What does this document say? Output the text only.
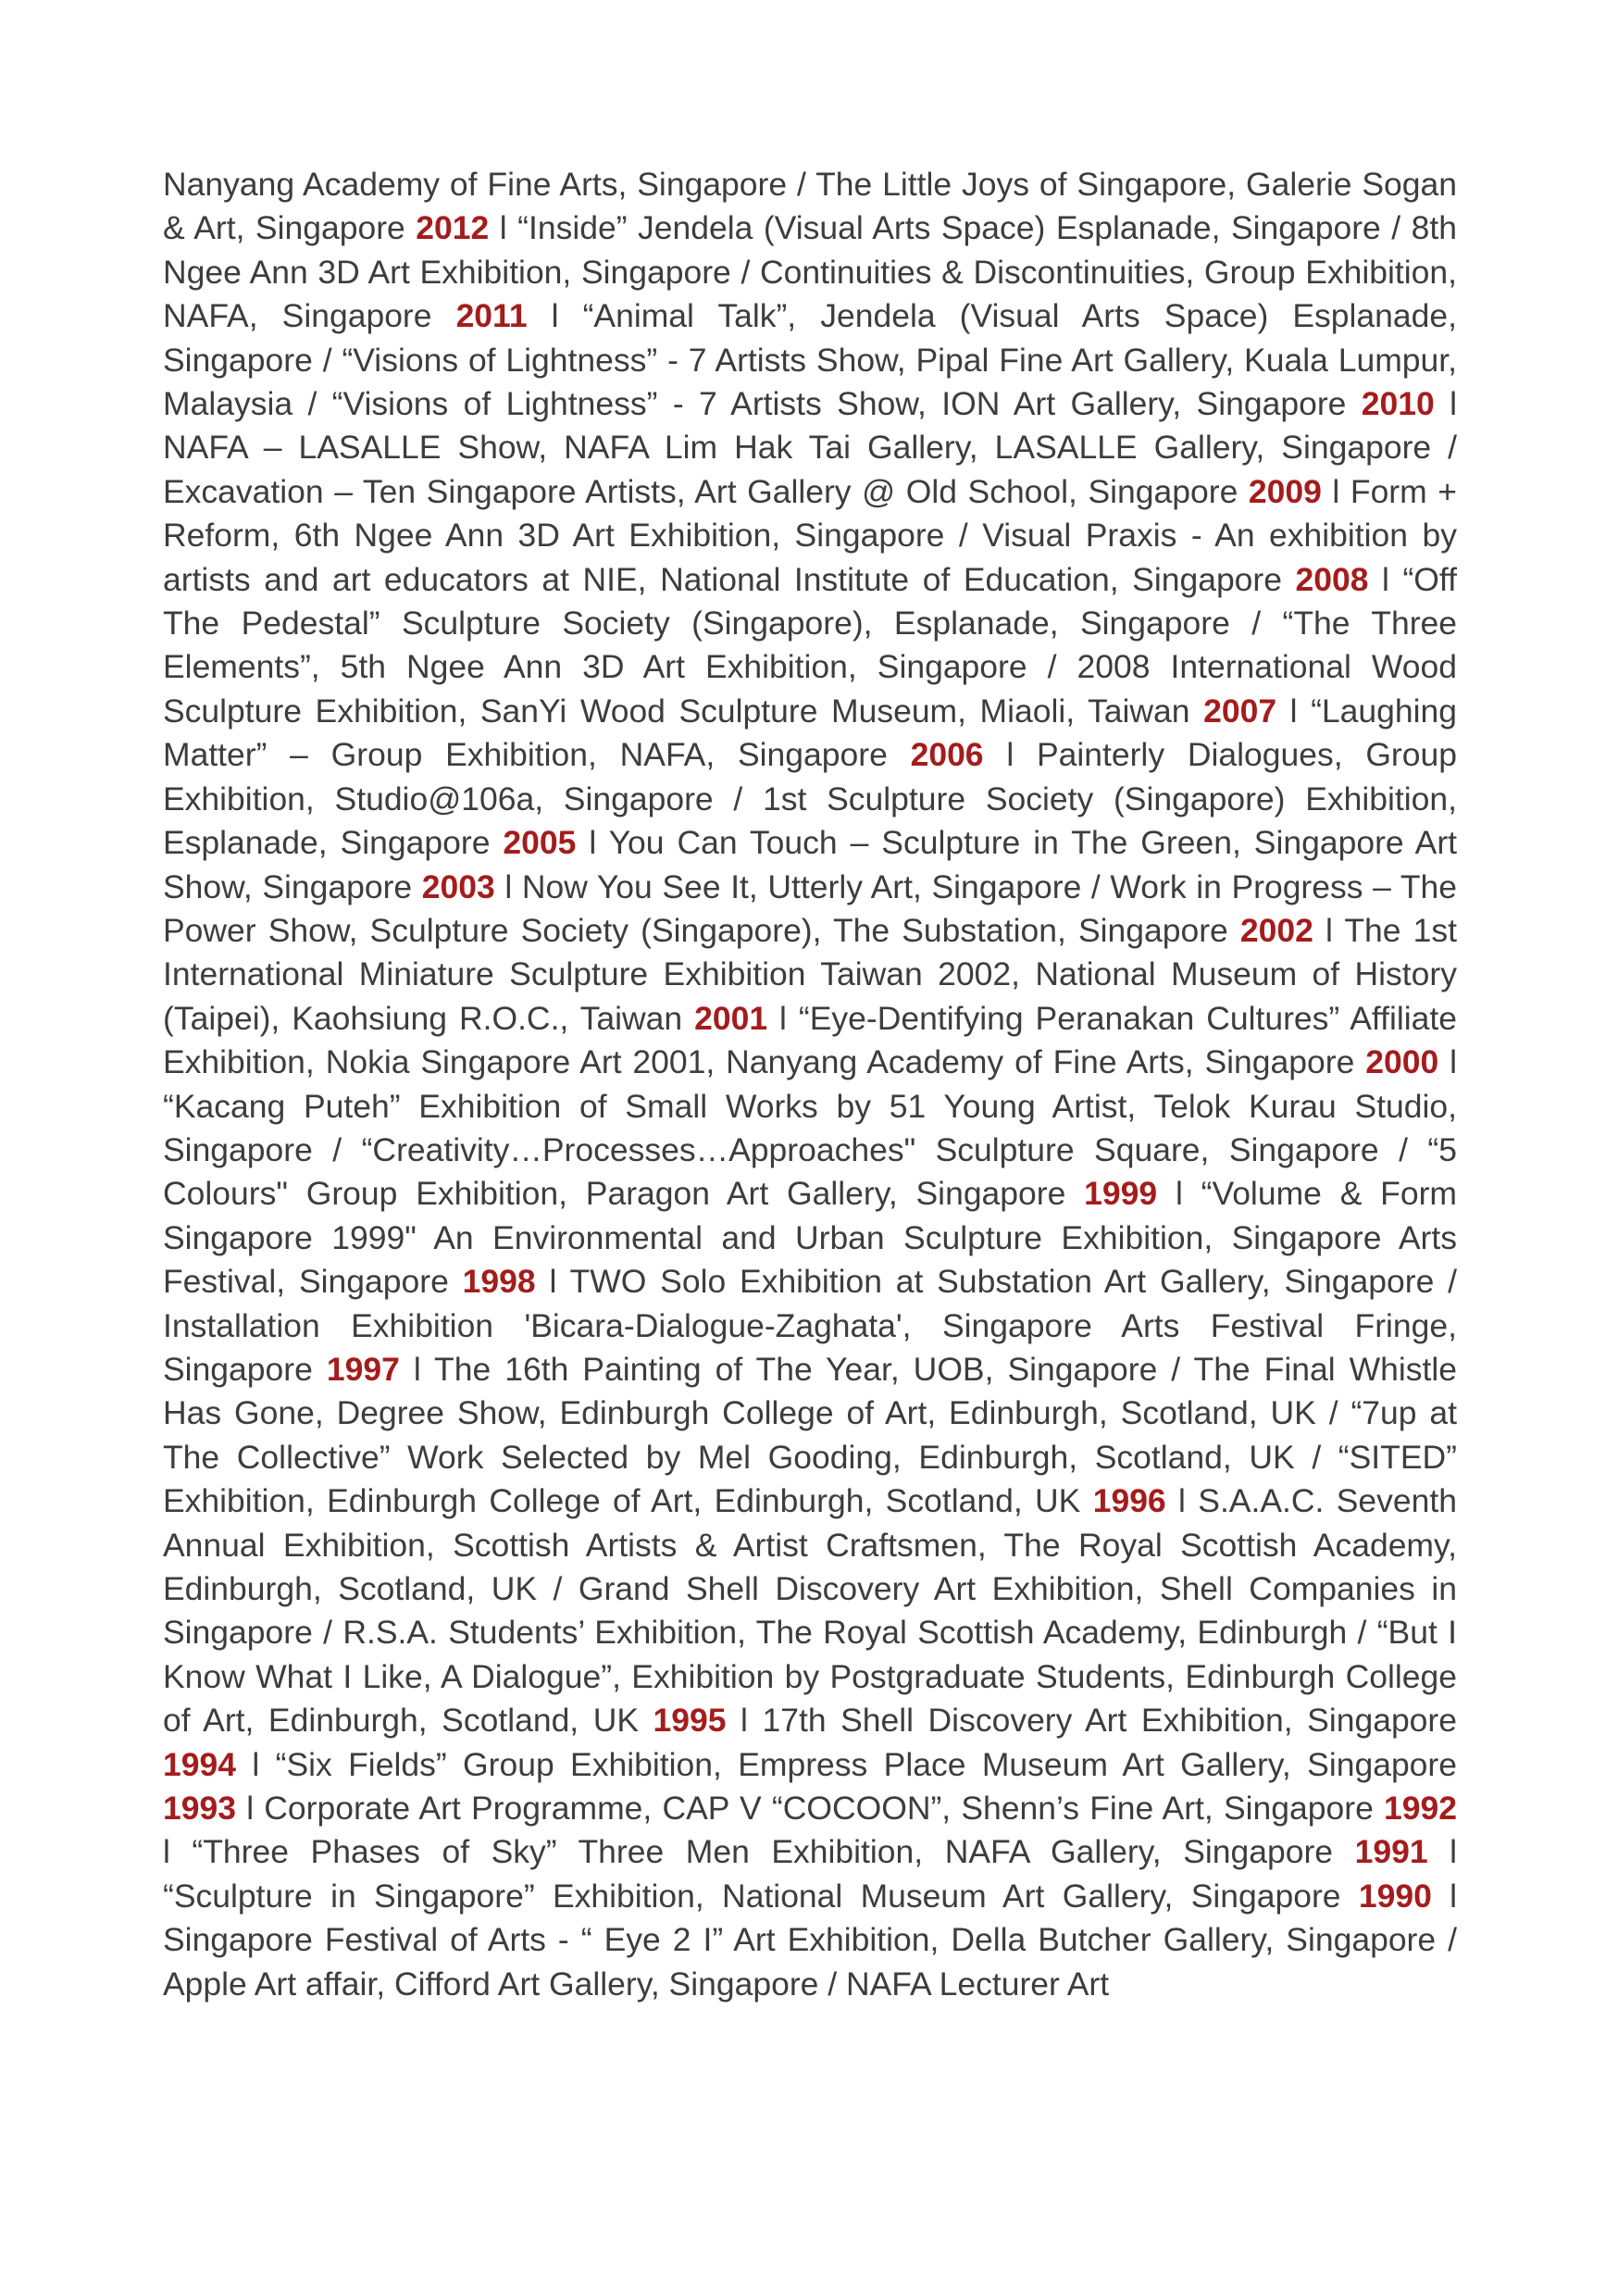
Nanyang Academy of Fine Arts, Singapore / The Little Joys of Singapore, Galerie Sogan & Art, Singapore 2012 l “Inside” Jendela (Visual Arts Space) Esplanade, Singapore / 8th Ngee Ann 3D Art Exhibition, Singapore / Continuities & Discontinuities, Group Exhibition, NAFA, Singapore 2011 l “Animal Talk”, Jendela (Visual Arts Space) Esplanade, Singapore / “Visions of Lightness” - 7 Artists Show, Pipal Fine Art Gallery, Kuala Lumpur, Malaysia / “Visions of Lightness” - 7 Artists Show, ION Art Gallery, Singapore 2010 l NAFA – LASALLE Show, NAFA Lim Hak Tai Gallery, LASALLE Gallery, Singapore / Excavation – Ten Singapore Artists, Art Gallery @ Old School, Singapore 2009 l Form + Reform, 6th Ngee Ann 3D Art Exhibition, Singapore / Visual Praxis - An exhibition by artists and art educators at NIE, National Institute of Education, Singapore 2008 l “Off The Pedestal” Sculpture Society (Singapore), Esplanade, Singapore / “The Three Elements”, 5th Ngee Ann 3D Art Exhibition, Singapore / 2008 International Wood Sculpture Exhibition, SanYi Wood Sculpture Museum, Miaoli, Taiwan 2007 l “Laughing Matter” – Group Exhibition, NAFA, Singapore 2006 l Painterly Dialogues, Group Exhibition, Studio@106a, Singapore / 1st Sculpture Society (Singapore) Exhibition, Esplanade, Singapore 2005 l You Can Touch – Sculpture in The Green, Singapore Art Show, Singapore 2003 l Now You See It, Utterly Art, Singapore / Work in Progress – The Power Show, Sculpture Society (Singapore), The Substation, Singapore 2002 l The 1st International Miniature Sculpture Exhibition Taiwan 2002, National Museum of History (Taipei), Kaohsiung R.O.C., Taiwan 2001 l “Eye-Dentifying Peranakan Cultures” Affiliate Exhibition, Nokia Singapore Art 2001, Nanyang Academy of Fine Arts, Singapore 2000 l “Kacang Puteh” Exhibition of Small Works by 51 Young Artist, Telok Kurau Studio, Singapore / “Creativity…Processes…Approaches" Sculpture Square, Singapore / “5 Colours" Group Exhibition, Paragon Art Gallery, Singapore 1999 l “Volume & Form Singapore 1999" An Environmental and Urban Sculpture Exhibition, Singapore Arts Festival, Singapore 1998 l TWO Solo Exhibition at Substation Art Gallery, Singapore / Installation Exhibition 'Bicara-Dialogue-Zaghata', Singapore Arts Festival Fringe, Singapore 1997 l The 16th Painting of The Year, UOB, Singapore / The Final Whistle Has Gone, Degree Show, Edinburgh College of Art, Edinburgh, Scotland, UK / “7up at The Collective” Work Selected by Mel Gooding, Edinburgh, Scotland, UK / “SITED” Exhibition, Edinburgh College of Art, Edinburgh, Scotland, UK 1996 l S.A.A.C. Seventh Annual Exhibition, Scottish Artists & Artist Craftsmen, The Royal Scottish Academy, Edinburgh, Scotland, UK / Grand Shell Discovery Art Exhibition, Shell Companies in Singapore / R.S.A. Students’ Exhibition, The Royal Scottish Academy, Edinburgh / “But I Know What I Like, A Dialogue”, Exhibition by Postgraduate Students, Edinburgh College of Art, Edinburgh, Scotland, UK 1995 l 17th Shell Discovery Art Exhibition, Singapore 1994 l “Six Fields” Group Exhibition, Empress Place Museum Art Gallery, Singapore 1993 l Corporate Art Programme, CAP V “COCOON”, Shenn’s Fine Art, Singapore 1992 l “Three Phases of Sky” Three Men Exhibition, NAFA Gallery, Singapore 1991 l “Sculpture in Singapore” Exhibition, National Museum Art Gallery, Singapore 1990 l Singapore Festival of Arts - “ Eye 2 I” Art Exhibition, Della Butcher Gallery, Singapore / Apple Art affair, Cifford Art Gallery, Singapore / NAFA Lecturer Art
